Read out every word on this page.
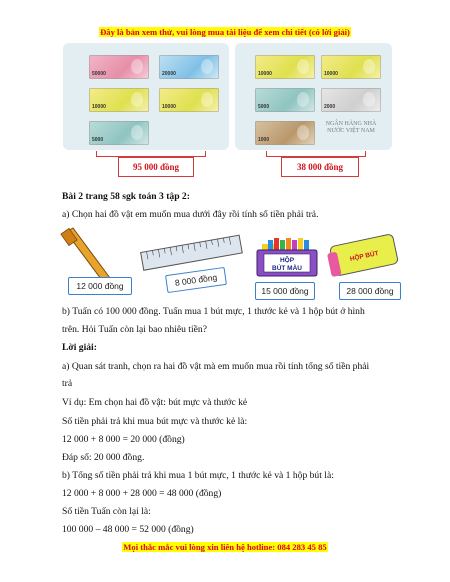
Đây là bản xem thử, vui lòng mua tài liệu để xem chi tiết (có lời giải)
50000	20000
10000	10000
5000
10000	10000
5000	2000
1000
NGÂN HÀNG NHÀ NƯỚC VIỆT NAM
95 000 đồng	38 000 đồng
Bài 2 trang 58 sgk toán 3 tập 2:
a) Chọn hai đồ vật em muốn mua dưới đây rồi tính số tiền phải trả.
HỘP
BÚT MÀU
HỘP BÚT
12 000 đồng	8 000 đồng
15 000 đồng	28 000 đồng
b) Tuấn có 100 000 đồng. Tuấn mua 1 bút mực, 1 thước kẻ và 1 hộp bút ở hình
trên. Hỏi Tuấn còn lại bao nhiêu tiền?
Lời giải:
a) Quan sát tranh, chọn ra hai đồ vật mà em muốn mua rồi tính tổng số tiền phải
trả
Ví dụ: Em chọn hai đồ vật: bút mực và thước kẻ
Số tiền phải trả khi mua bút mực và thước kẻ là:
12 000 + 8 000 = 20 000 (đồng)
Đáp số: 20 000 đồng.
b) Tổng số tiền phải trả khi mua 1 bút mực, 1 thước kẻ và 1 hộp bút là:
12 000 + 8 000 + 28 000 = 48 000 (đồng)
Số tiền Tuấn còn lại là:
100 000 – 48 000 = 52 000 (đồng)
Mọi thắc mắc vui lòng xin liên hệ hotline: 084 283 45 85
